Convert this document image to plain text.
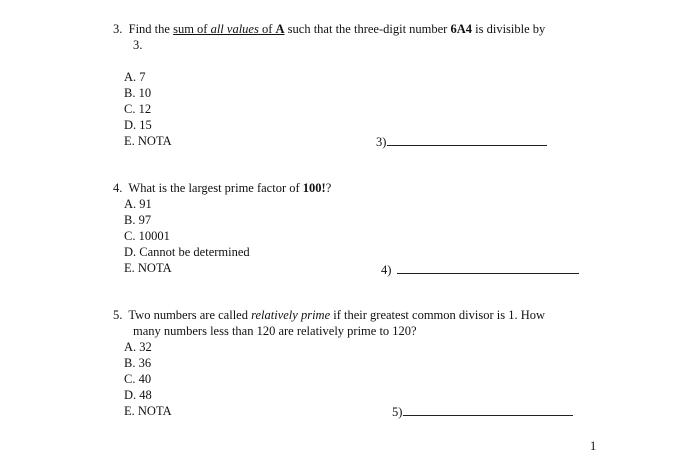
3. Find the sum of all values of A such that the three-digit number 6A4 is divisible by
3.
A. 7
B. 10
C. 12
D. 15
E. NOTA	3)
4. What is the largest prime factor of 100!?
A. 91
B. 97
C. 10001
D. Cannot be determined
E. NOTA	4)
5. Two numbers are called relatively prime if their greatest common divisor is 1. How
many numbers less than 120 are relatively prime to 120?
A. 32
B. 36
C. 40
D. 48
E. NOTA	5)
1
